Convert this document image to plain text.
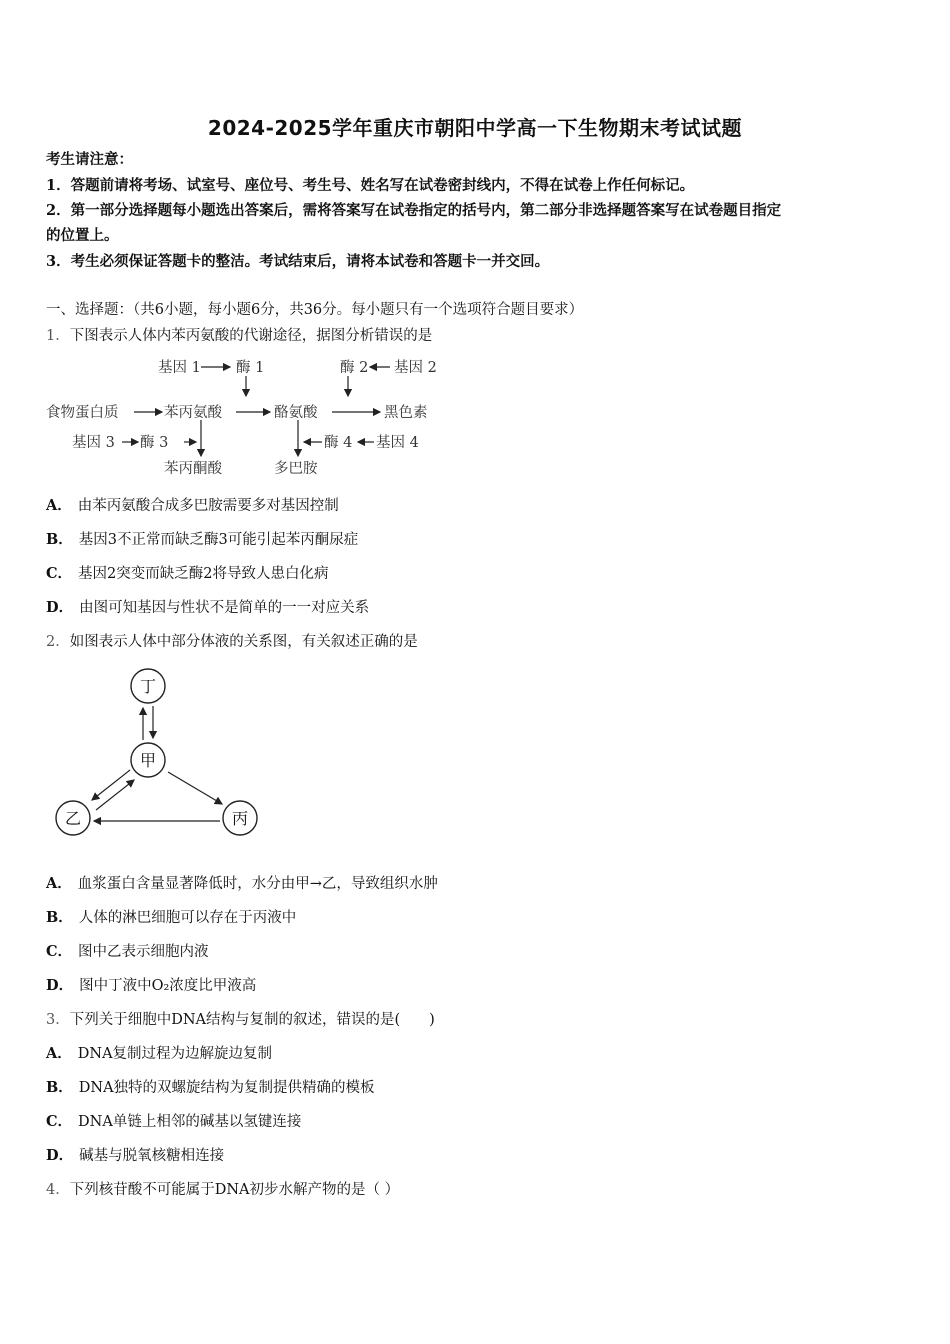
2024-2025学年重庆市朝阳中学高一下生物期末考试试题
考生请注意：
1．答题前请将考场、试室号、座位号、考生号、姓名写在试卷密封线内，不得在试卷上作任何标记。
2．第一部分选择题每小题选出答案后，需将答案写在试卷指定的括号内，第二部分非选择题答案写在试卷题目指定
的位置上。
3．考生必须保证答题卡的整洁。考试结束后，请将本试卷和答题卡一并交回。
一、选择题：（共6小题，每小题6分，共36分。每小题只有一个选项符合题目要求）
1．下图表示人体内苯丙氨酸的代谢途径，据图分析错误的是
基因 1 酶 1	酶 2 基因 2
食物蛋白质	苯丙氨酸	酪氨酸	黑色素
基因 3 酶 3	酶 4 基因 4
苯丙酮酸	多巴胺
A． 由苯丙氨酸合成多巴胺需要多对基因控制
B． 基因3不正常而缺乏酶3可能引起苯丙酮尿症
C． 基因2突变而缺乏酶2将导致人患白化病
D． 由图可知基因与性状不是简单的一一对应关系
2．如图表示人体中部分体液的关系图，有关叙述正确的是
丁
甲
乙	丙
A． 血浆蛋白含量显著降低时，水分由甲→乙，导致组织水肿
B． 人体的淋巴细胞可以存在于丙液中
C． 图中乙表示细胞内液
D． 图中丁液中O₂浓度比甲液高
3．下列关于细胞中DNA结构与复制的叙述，错误的是(　　)
A． DNA复制过程为边解旋边复制
B． DNA独特的双螺旋结构为复制提供精确的模板
C． DNA单链上相邻的碱基以氢键连接
D． 碱基与脱氧核糖相连接
4．下列核苷酸不可能属于DNA初步水解产物的是（ ）
